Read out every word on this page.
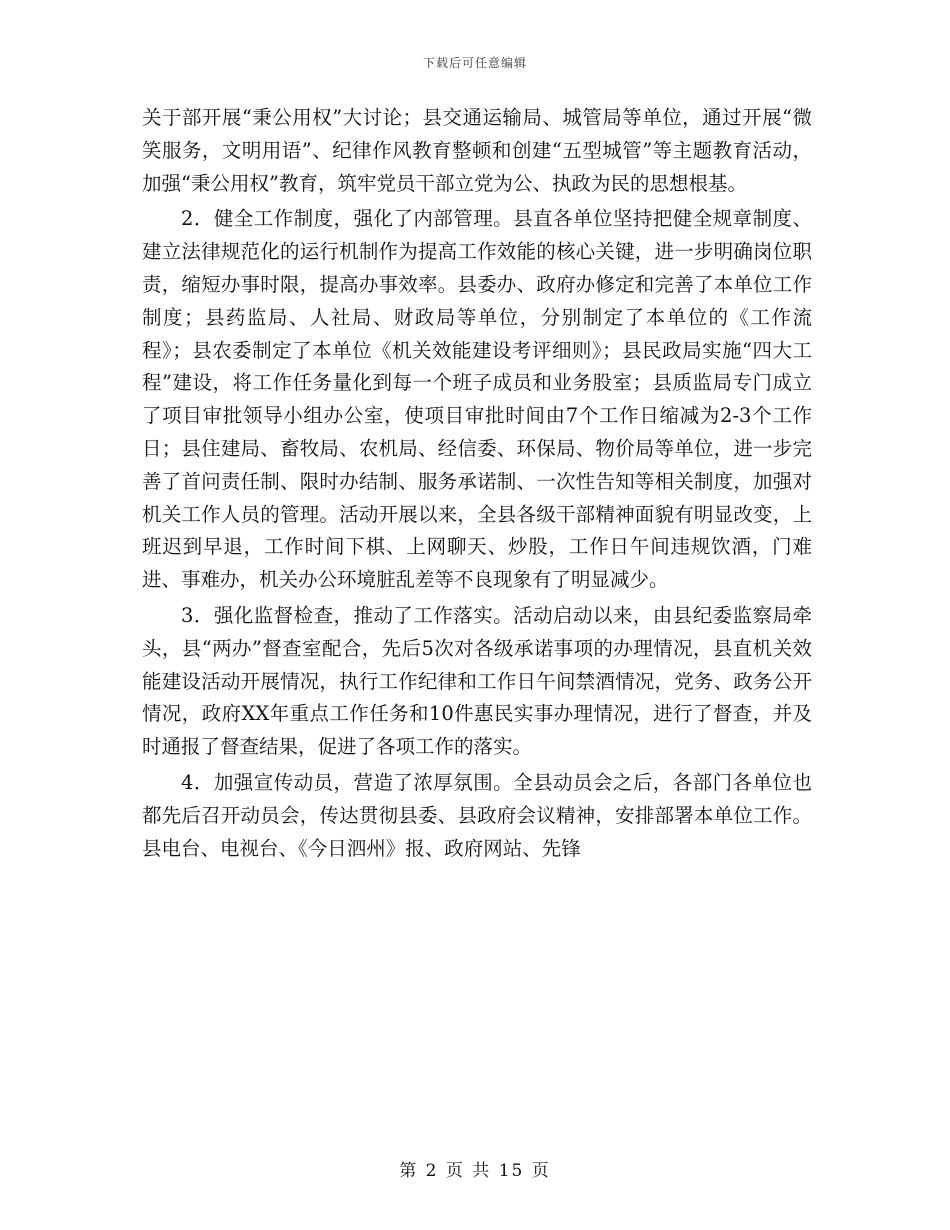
下载后可任意编辑

关于部开展“秉公用权”大讨论；县交通运输局、城管局等单位，通过开展“微笑服务，文明用语”、纪律作风教育整顿和创建“五型城管”等主题教育活动，加强“秉公用权”教育，筑牢党员干部立党为公、执政为民的思想根基。

2．健全工作制度，强化了内部管理。县直各单位坚持把健全规章制度、建立法律规范化的运行机制作为提高工作效能的核心关键，进一步明确岗位职责，缩短办事时限，提高办事效率。县委办、政府办修定和完善了本单位工作制度；县药监局、人社局、财政局等单位，分别制定了本单位的《工作流程》；县农委制定了本单位《机关效能建设考评细则》；县民政局实施“四大工程”建设，将工作任务量化到每一个班子成员和业务股室；县质监局专门成立了项目审批领导小组办公室，使项目审批时间由7个工作日缩减为2-3个工作日；县住建局、畜牧局、农机局、经信委、环保局、物价局等单位，进一步完善了首问责任制、限时办结制、服务承诺制、一次性告知等相关制度，加强对机关工作人员的管理。活动开展以来，全县各级干部精神面貌有明显改变，上班迟到早退，工作时间下棋、上网聊天、炒股，工作日午间违规饮酒，门难进、事难办，机关办公环境脏乱差等不良现象有了明显减少。

3．强化监督检查，推动了工作落实。活动启动以来，由县纪委监察局牵头，县“两办”督查室配合，先后5次对各级承诺事项的办理情况，县直机关效能建设活动开展情况，执行工作纪律和工作日午间禁酒情况，党务、政务公开情况，政府XX年重点工作任务和10件惠民实事办理情况，进行了督查，并及时通报了督查结果，促进了各项工作的落实。

4．加强宣传动员，营造了浓厚氛围。全县动员会之后，各部门各单位也都先后召开动员会，传达贯彻县委、县政府会议精神，安排部署本单位工作。县电台、电视台、《今日泗州》报、政府网站、先锋

第 2 页 共 15 页
